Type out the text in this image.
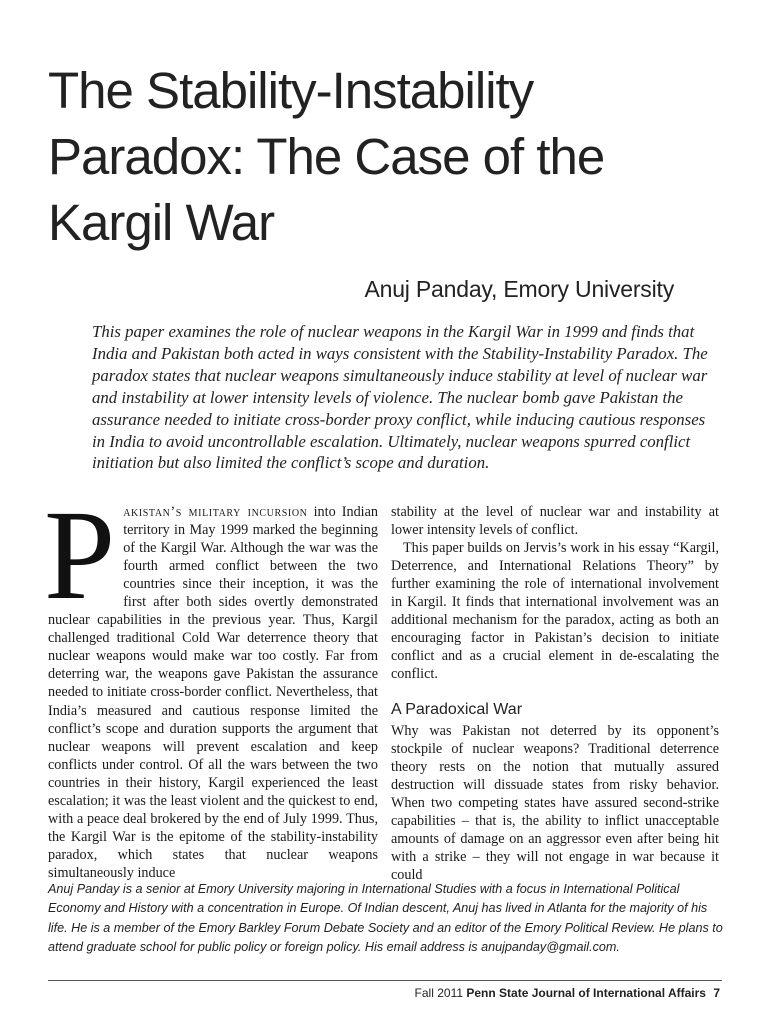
The Stability-Instability Paradox: The Case of the Kargil War
Anuj Panday, Emory University

This paper examines the role of nuclear weapons in the Kargil War in 1999 and finds that India and Pakistan both acted in ways consistent with the Stability-Instability Paradox. The paradox states that nuclear weapons simultaneously induce stability at level of nuclear war and instability at lower intensity levels of violence. The nuclear bomb gave Pakistan the assurance needed to initiate cross-border proxy conflict, while inducing cautious responses in India to avoid uncontrollable escalation. Ultimately, nuclear weapons spurred conflict initiation but also limited the conflict’s scope and duration.

Pakistan’s military incursion into Indian territory in May 1999 marked the beginning of the Kargil War. Although the war was the fourth armed conflict between the two countries since their inception, it was the first after both sides overtly demonstrated nuclear capabilities in the previous year. Thus, Kargil challenged traditional Cold War deterrence theory that nuclear weapons would make war too costly. Far from deterring war, the weapons gave Pakistan the assurance needed to initiate cross-border conflict. Nevertheless, that India’s measured and cautious response limited the conflict’s scope and duration supports the argument that nuclear weapons will prevent escalation and keep conflicts under control. Of all the wars between the two countries in their history, Kargil experienced the least escalation; it was the least violent and the quickest to end, with a peace deal brokered by the end of July 1999. Thus, the Kargil War is the epitome of the stability-instability paradox, which states that nuclear weapons simultaneously induce

stability at the level of nuclear war and instability at lower intensity levels of conflict.

This paper builds on Jervis’s work in his essay “Kargil, Deterrence, and International Relations Theory” by further examining the role of international involvement in Kargil. It finds that international involvement was an additional mechanism for the paradox, acting as both an encouraging factor in Pakistan’s decision to initiate conflict and as a crucial element in de-escalating the conflict.

A Paradoxical War

Why was Pakistan not deterred by its opponent’s stockpile of nuclear weapons? Traditional deterrence theory rests on the notion that mutually assured destruction will dissuade states from risky behavior. When two competing states have assured second-strike capabilities – that is, the ability to inflict unacceptable amounts of damage on an aggressor even after being hit with a strike – they will not engage in war because it could

Anuj Panday is a senior at Emory University majoring in International Studies with a focus in International Political Economy and History with a concentration in Europe. Of Indian descent, Anuj has lived in Atlanta for the majority of his life. He is a member of the Emory Barkley Forum Debate Society and an editor of the Emory Political Review. He plans to attend graduate school for public policy or foreign policy. His email address is anujpanday@gmail.com.

Fall 2011 Penn State Journal of International Affairs 7
